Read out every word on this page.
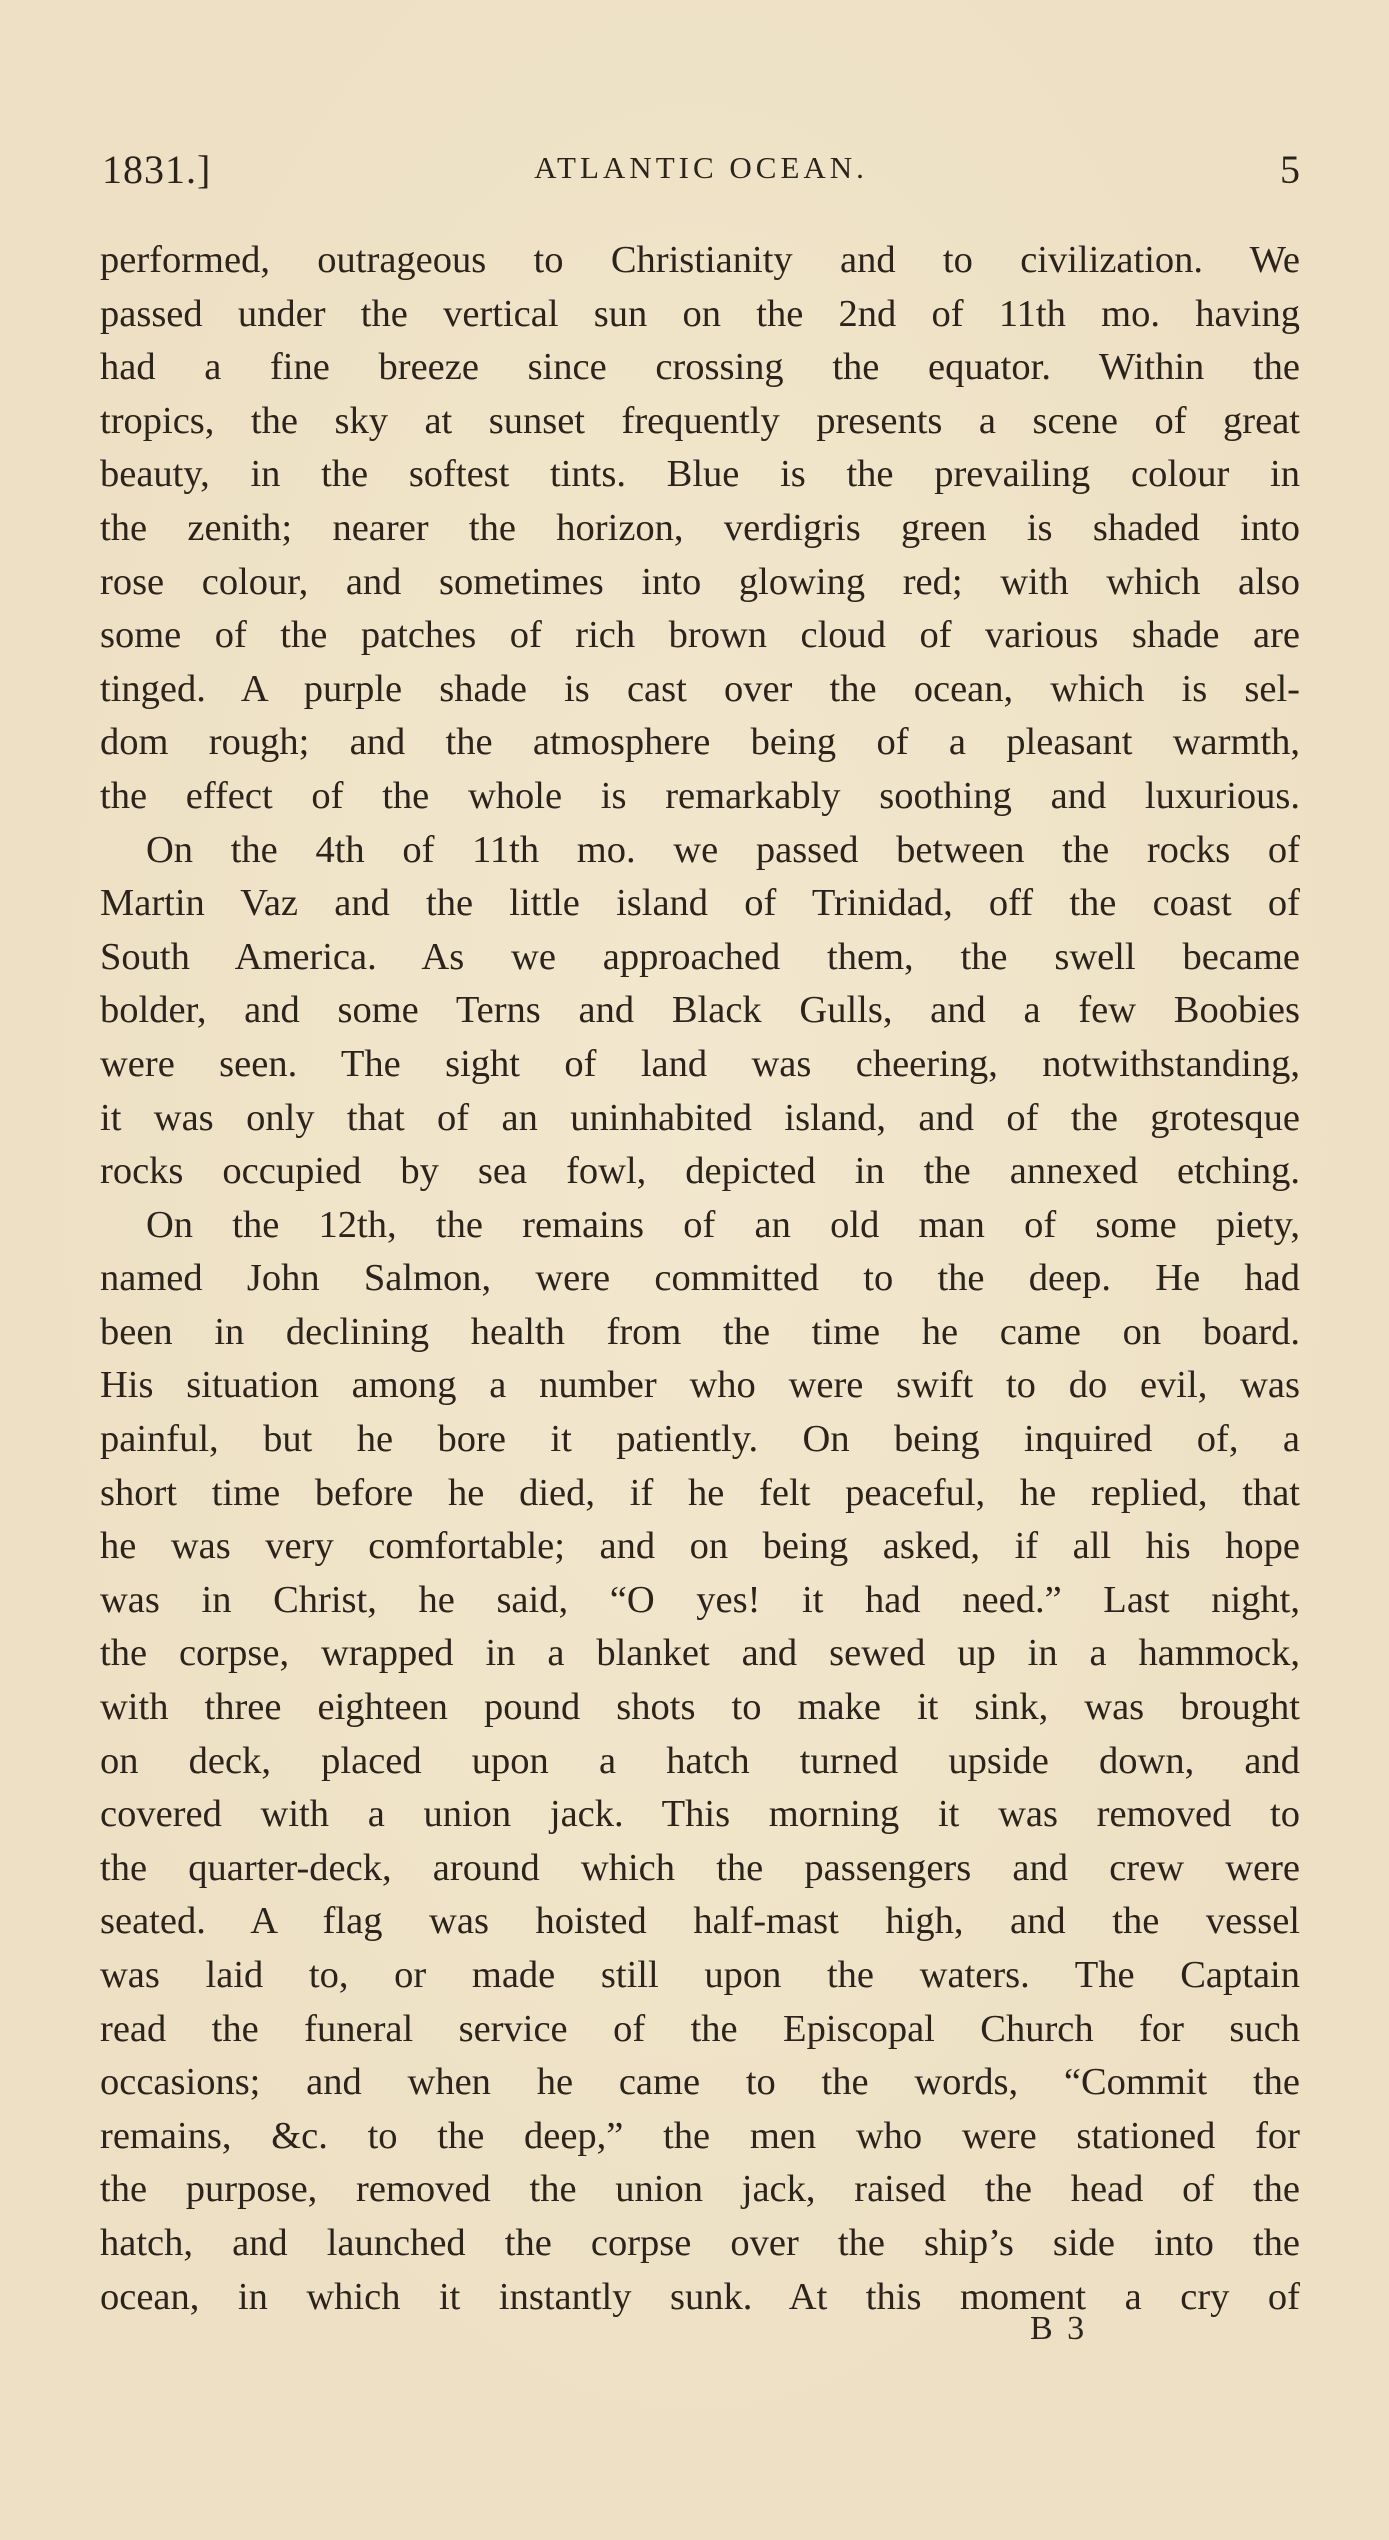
1831.]	ATLANTIC OCEAN.	5
performed, outrageous to Christianity and to civilization. We
passed under the vertical sun on the 2nd of 11th mo. having
had a fine breeze since crossing the equator. Within the
tropics, the sky at sunset frequently presents a scene of great
beauty, in the softest tints. Blue is the prevailing colour in
the zenith; nearer the horizon, verdigris green is shaded into
rose colour, and sometimes into glowing red; with which also
some of the patches of rich brown cloud of various shade are
tinged. A purple shade is cast over the ocean, which is sel-
dom rough; and the atmosphere being of a pleasant warmth,
the effect of the whole is remarkably soothing and luxurious.
On the 4th of 11th mo. we passed between the rocks of
Martin Vaz and the little island of Trinidad, off the coast of
South America. As we approached them, the swell became
bolder, and some Terns and Black Gulls, and a few Boobies
were seen. The sight of land was cheering, notwithstanding,
it was only that of an uninhabited island, and of the grotesque
rocks occupied by sea fowl, depicted in the annexed etching.
On the 12th, the remains of an old man of some piety,
named John Salmon, were committed to the deep. He had
been in declining health from the time he came on board.
His situation among a number who were swift to do evil, was
painful, but he bore it patiently. On being inquired of, a
short time before he died, if he felt peaceful, he replied, that
he was very comfortable; and on being asked, if all his hope
was in Christ, he said, “O yes! it had need.” Last night,
the corpse, wrapped in a blanket and sewed up in a hammock,
with three eighteen pound shots to make it sink, was brought
on deck, placed upon a hatch turned upside down, and
covered with a union jack. This morning it was removed to
the quarter-deck, around which the passengers and crew were
seated. A flag was hoisted half-mast high, and the vessel
was laid to, or made still upon the waters. The Captain
read the funeral service of the Episcopal Church for such
occasions; and when he came to the words, “Commit the
remains, &c. to the deep,” the men who were stationed for
the purpose, removed the union jack, raised the head of the
hatch, and launched the corpse over the ship’s side into the
ocean, in which it instantly sunk. At this moment a cry of
B 3
